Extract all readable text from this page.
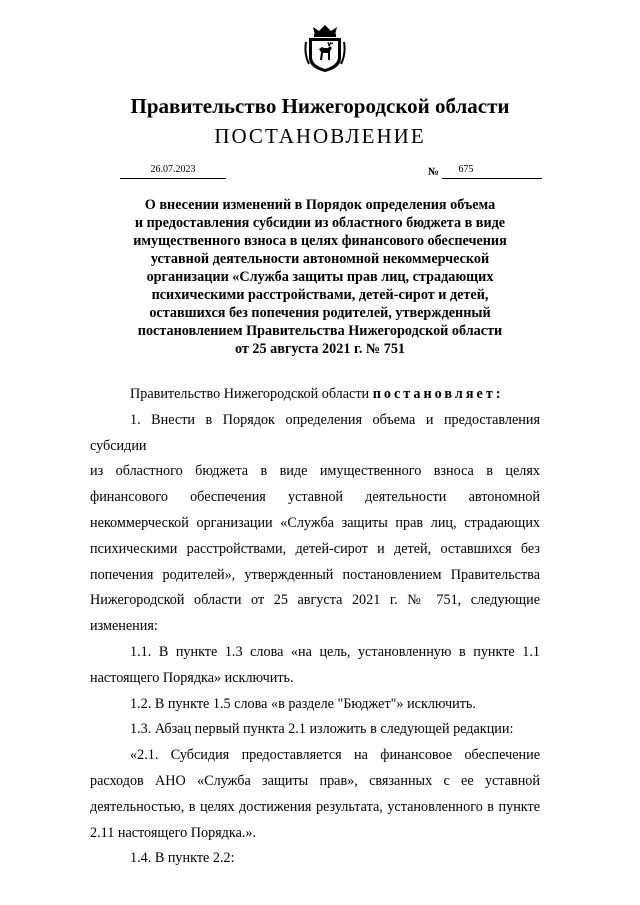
Правительство Нижегородской области
ПОСТАНОВЛЕНИЕ
26.07.2023	№	675
О внесении изменений в Порядок определения объема
и предоставления субсидии из областного бюджета в виде
имущественного взноса в целях финансового обеспечения
уставной деятельности автономной некоммерческой
организации «Служба защиты прав лиц, страдающих
психическими расстройствами, детей-сирот и детей,
оставшихся без попечения родителей, утвержденный
постановлением Правительства Нижегородской области
от 25 августа 2021 г. № 751

Правительство Нижегородской области постановляет:

1. Внести в Порядок определения объема и предоставления субсидии

из областного бюджета в виде имущественного взноса в целях

финансового обеспечения уставной деятельности автономной

некоммерческой организации «Служба защиты прав лиц, страдающих

психическими расстройствами, детей-сирот и детей, оставшихся без

попечения родителей», утвержденный постановлением Правительства

Нижегородской области от 25 августа 2021 г. № 751, следующие

изменения:

1.1. В пункте 1.3 слова «на цель, установленную в пункте 1.1

настоящего Порядка» исключить.

1.2. В пункте 1.5 слова «в разделе "Бюджет"» исключить.

1.3. Абзац первый пункта 2.1 изложить в следующей редакции:

«2.1. Субсидия предоставляется на финансовое обеспечение

расходов АНО «Служба защиты прав», связанных с ее уставной

деятельностью, в целях достижения результата, установленного в пункте

2.11 настоящего Порядка.».

1.4. В пункте 2.2:
